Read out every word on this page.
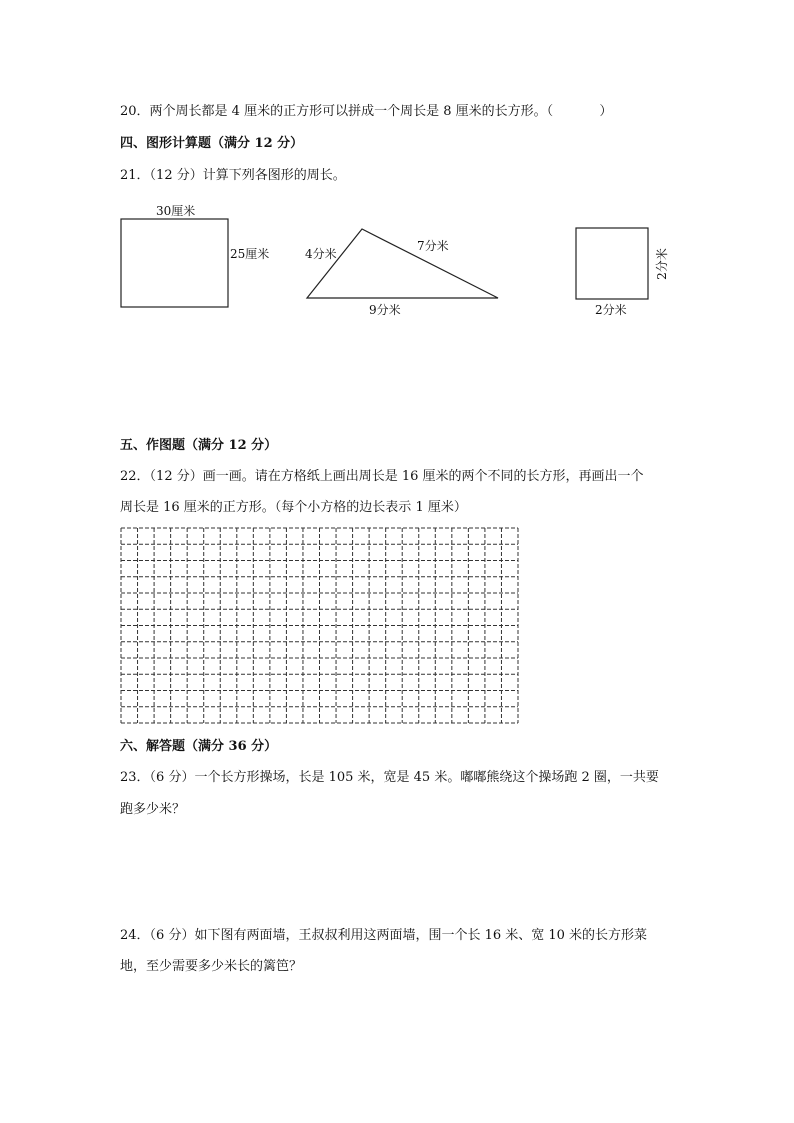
20．两个周长都是 4 厘米的正方形可以拼成一个周长是 8 厘米的长方形。（	）
四、图形计算题（满分 12 分）
21．（12 分）计算下列各图形的周长。
30厘米
25厘米	4分米
7分米
9分米
2分米
2分米
五、作图题（满分 12 分）
22．（12 分）画一画。请在方格纸上画出周长是 16 厘米的两个不同的长方形，再画出一个
周长是 16 厘米的正方形。（每个小方格的边长表示 1 厘米）
六、解答题（满分 36 分）
23．（6 分）一个长方形操场，长是 105 米，宽是 45 米。嘟嘟熊绕这个操场跑 2 圈，一共要
跑多少米？
24．（6 分）如下图有两面墙，王叔叔利用这两面墙，围一个长 16 米、宽 10 米的长方形菜
地，至少需要多少米长的篱笆？
